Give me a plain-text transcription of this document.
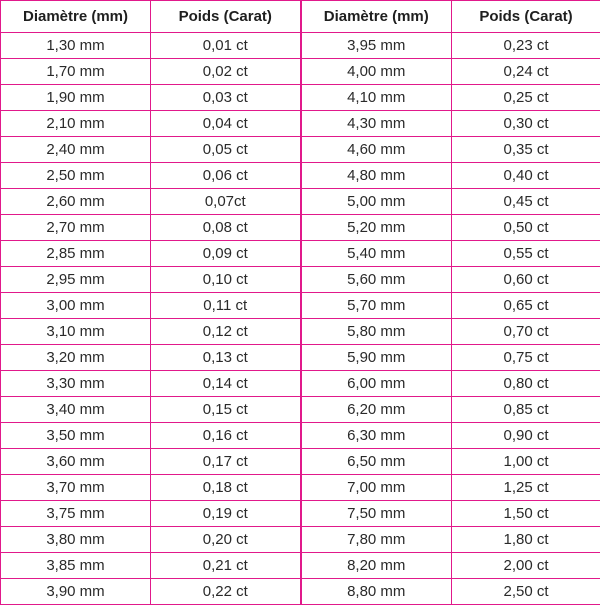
Diamètre (mm)	Poids (Carat)	Diamètre (mm)	Poids (Carat)
1,30 mm	0,01 ct	3,95 mm	0,23 ct
1,70 mm	0,02 ct	4,00 mm	0,24 ct
1,90 mm	0,03 ct	4,10 mm	0,25 ct
2,10 mm	0,04 ct	4,30 mm	0,30 ct
2,40 mm	0,05 ct	4,60 mm	0,35 ct
2,50 mm	0,06 ct	4,80 mm	0,40 ct
2,60 mm	0,07ct	5,00 mm	0,45 ct
2,70 mm	0,08 ct	5,20 mm	0,50 ct
2,85 mm	0,09 ct	5,40 mm	0,55 ct
2,95 mm	0,10 ct	5,60 mm	0,60 ct
3,00 mm	0,11 ct	5,70 mm	0,65 ct
3,10 mm	0,12 ct	5,80 mm	0,70 ct
3,20 mm	0,13 ct	5,90 mm	0,75 ct
3,30 mm	0,14 ct	6,00 mm	0,80 ct
3,40 mm	0,15 ct	6,20 mm	0,85 ct
3,50 mm	0,16 ct	6,30 mm	0,90 ct
3,60 mm	0,17 ct	6,50 mm	1,00 ct
3,70 mm	0,18 ct	7,00 mm	1,25 ct
3,75 mm	0,19 ct	7,50 mm	1,50 ct
3,80 mm	0,20 ct	7,80 mm	1,80 ct
3,85 mm	0,21 ct	8,20 mm	2,00 ct
3,90 mm	0,22 ct	8,80 mm	2,50 ct
